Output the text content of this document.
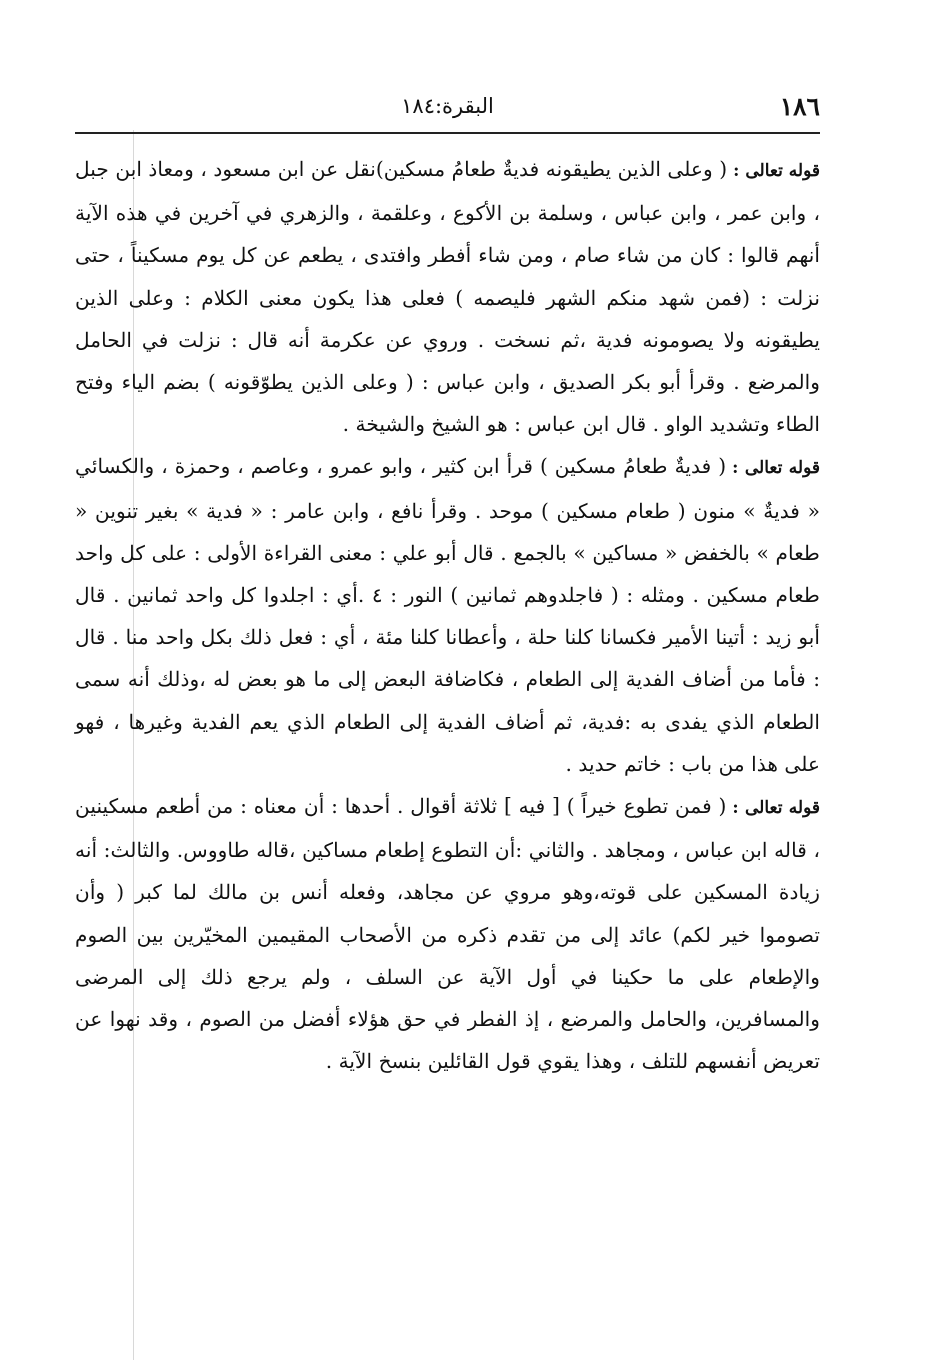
١٨٦
البقرة:١٨٤

قوله تعالى :( وعلى الذين يطيقونه فديةٌ طعامُ مسكين)نقل عن ابن مسعود ، ومعاذ ابن جبل ، وابن عمر ، وابن عباس ، وسلمة بن الأكوع ، وعلقمة ، والزهري في آخرين في هذه الآية أنهم قالوا : كان من شاء صام ، ومن شاء أفطر وافتدى ، يطعم عن كل يوم مسكيناً ، حتى نزلت : (فمن شهد منكم الشهر فليصمه ) فعلى هذا يكون معنى الكلام : وعلى الذين يطيقونه ولا يصومونه فدية ،ثم نسخت . وروي عن عكرمة أنه قال : نزلت في الحامل والمرضع . وقرأ أبو بكر الصديق ، وابن عباس : ( وعلى الذين يطوّقونه ) بضم الياء وفتح الطاء وتشديد الواو . قال ابن عباس : هو الشيخ والشيخة .

قوله تعالى :( فديةٌ طعامُ مسكين ) قرأ ابن كثير ، وابو عمرو ، وعاصم ، وحمزة ، والكسائي « فديةٌ » منون ( طعام مسكين ) موحد . وقرأ نافع ، وابن عامر : « فدية » بغير تنوين « طعام » بالخفض « مساكين » بالجمع . قال أبو علي : معنى القراءة الأولى : على كل واحد طعام مسكين . ومثله : ( فاجلدوهم ثمانين ) النور : ٤ .أي : اجلدوا كل واحد ثمانين . قال أبو زيد : أتينا الأمير فكسانا كلنا حلة ، وأعطانا كلنا مئة ، أي : فعل ذلك بكل واحد منا . قال : فأما من أضاف الفدية إلى الطعام ، فكاضافة البعض إلى ما هو بعض له ،وذلك أنه سمى الطعام الذي يفدى به :فدية، ثم أضاف الفدية إلى الطعام الذي يعم الفدية وغيرها ، فهو على هذا من باب : خاتم حديد .

قوله تعالى :( فمن تطوع خيراً ) [ فيه ] ثلاثة أقوال . أحدها : أن معناه : من أطعم مسكينين ، قاله ابن عباس ، ومجاهد . والثاني :أن التطوع إطعام مساكين ،قاله طاووس. والثالث: أنه زيادة المسكين على قوته،وهو مروي عن مجاهد، وفعله أنس بن مالك لما كبر ( وأن تصوموا خير لكم) عائد إلى من تقدم ذكره من الأصحاب المقيمين المخيّرين بين الصوم والإطعام على ما حكينا في أول الآية عن السلف ، ولم يرجع ذلك إلى المرضى والمسافرين، والحامل والمرضع ، إذ الفطر في حق هؤلاء أفضل من الصوم ، وقد نهوا عن تعريض أنفسهم للتلف ، وهذا يقوي قول القائلين بنسخ الآية .
